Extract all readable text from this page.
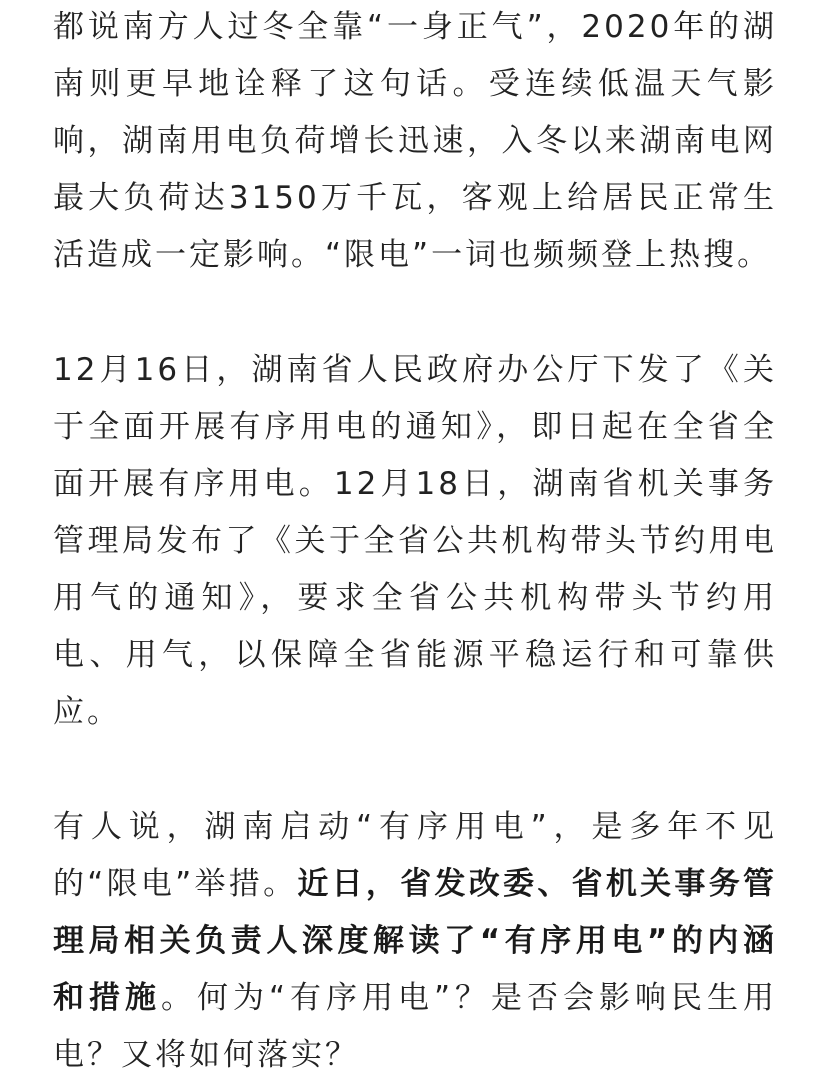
都说南方人过冬全靠“一身正气”，2020年的湖南则更早地诠释了这句话。受连续低温天气影响，湖南用电负荷增长迅速，入冬以来湖南电网最大负荷达3150万千瓦，客观上给居民正常生活造成一定影响。“限电”一词也频频登上热搜。

12月16日，湖南省人民政府办公厅下发了《关于全面开展有序用电的通知》，即日起在全省全面开展有序用电。12月18日，湖南省机关事务管理局发布了《关于全省公共机构带头节约用电用气的通知》，要求全省公共机构带头节约用电、用气，以保障全省能源平稳运行和可靠供应。

有人说，湖南启动“有序用电”，是多年不见的“限电”举措。近日，省发改委、省机关事务管理局相关负责人深度解读了“有序用电”的内涵和措施。何为“有序用电”？是否会影响民生用电？又将如何落实？
